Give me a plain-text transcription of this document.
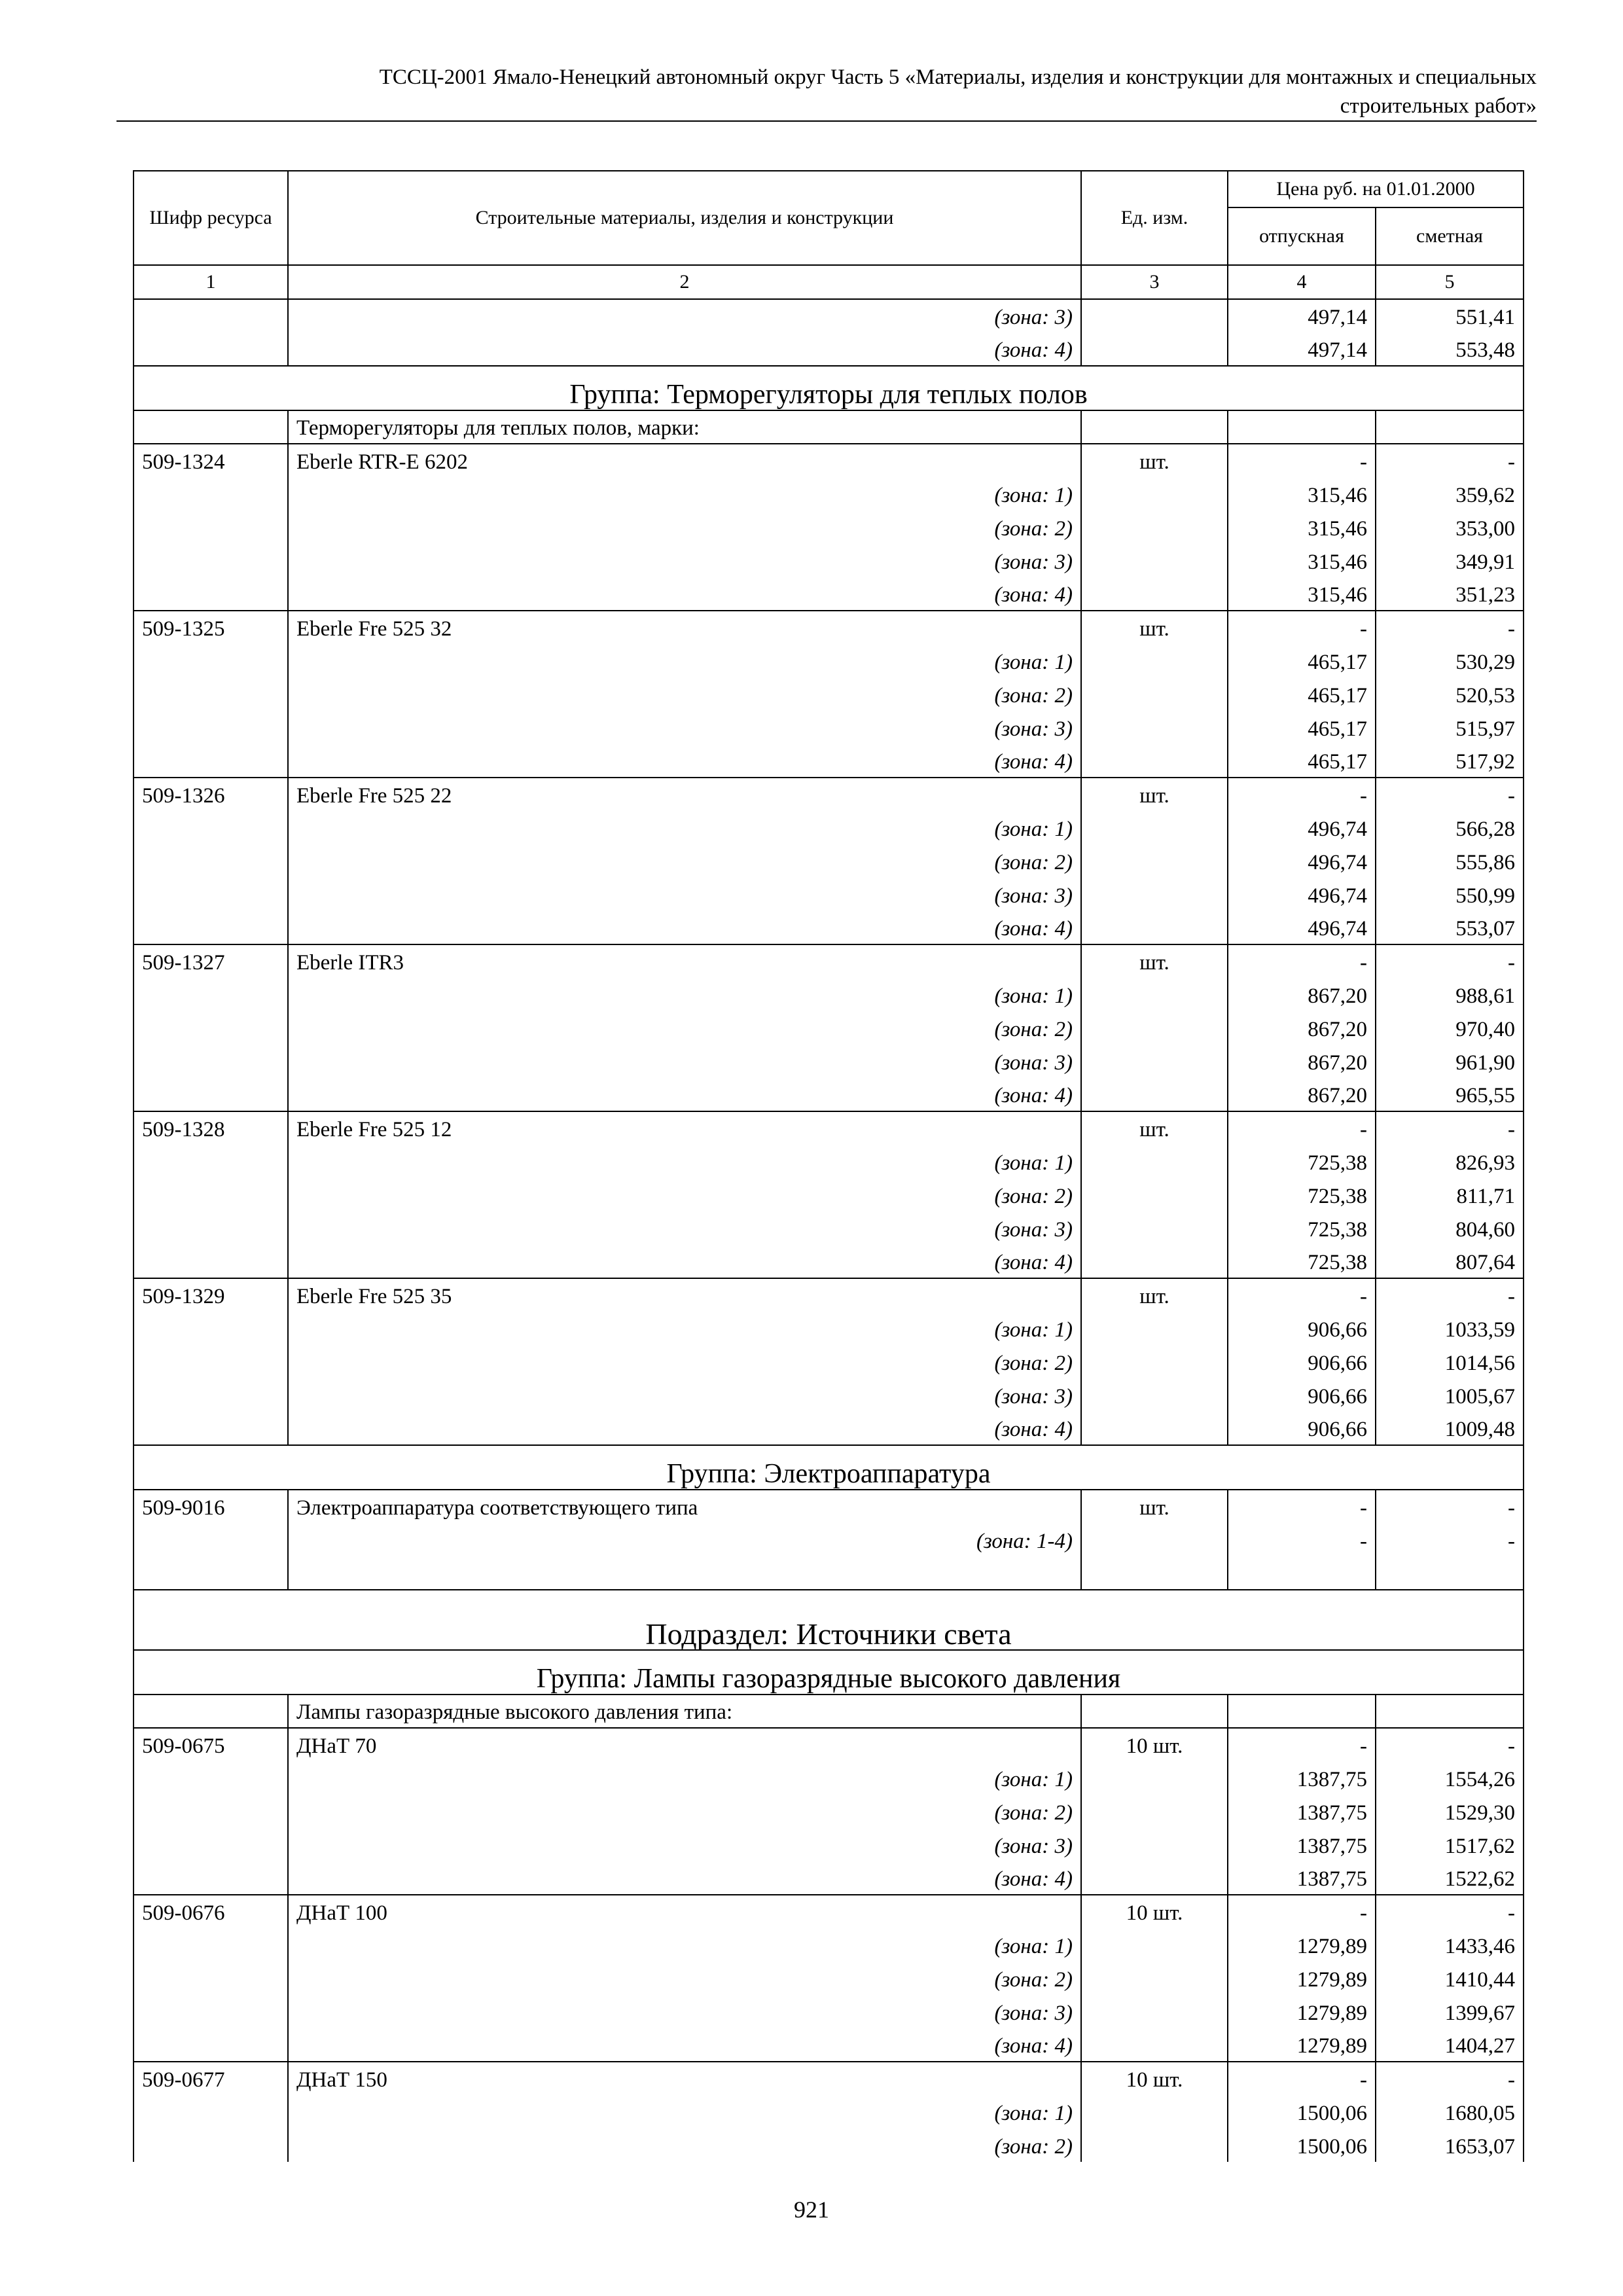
ТССЦ-2001 Ямало-Ненецкий автономный округ Часть 5 «Материалы, изделия и конструкции для монтажных и специальных
строительных работ»
Шифр ресурса	Строительные материалы, изделия и конструкции	Ед. изм.	Цена руб. на 01.01.2000	
			отпускная	сметная
1	2	3	4	5
	(зона: 3)		497,14	551,41
	(зона: 4)		497,14	553,48
Группа: Терморегуляторы для теплых полов				
	Терморегуляторы для теплых полов, марки:			
509-1324	Eberle RTR-E 6202	шт.	-	-
	(зона: 1)		315,46	359,62
	(зона: 2)		315,46	353,00
	(зона: 3)		315,46	349,91
	(зона: 4)		315,46	351,23
509-1325	Eberle Fre 525 32	шт.	-	-
	(зона: 1)		465,17	530,29
	(зона: 2)		465,17	520,53
	(зона: 3)		465,17	515,97
	(зона: 4)		465,17	517,92
509-1326	Eberle Fre 525 22	шт.	-	-
	(зона: 1)		496,74	566,28
	(зона: 2)		496,74	555,86
	(зона: 3)		496,74	550,99
	(зона: 4)		496,74	553,07
509-1327	Eberle ITR3	шт.	-	-
	(зона: 1)		867,20	988,61
	(зона: 2)		867,20	970,40
	(зона: 3)		867,20	961,90
	(зона: 4)		867,20	965,55
509-1328	Eberle Fre 525 12	шт.	-	-
	(зона: 1)		725,38	826,93
	(зона: 2)		725,38	811,71
	(зона: 3)		725,38	804,60
	(зона: 4)		725,38	807,64
509-1329	Eberle Fre 525 35	шт.	-	-
	(зона: 1)		906,66	1033,59
	(зона: 2)		906,66	1014,56
	(зона: 3)		906,66	1005,67
	(зона: 4)		906,66	1009,48
Группа: Электроаппаратура				
509-9016	Электроаппаратура соответствующего типа	шт.	-	-
	(зона: 1-4)		-	-

Подраздел: Источники света				
Группа: Лампы газоразрядные высокого давления				
	Лампы газоразрядные высокого давления типа:			
509-0675	ДНаТ 70	10 шт.	-	-
	(зона: 1)		1387,75	1554,26
	(зона: 2)		1387,75	1529,30
	(зона: 3)		1387,75	1517,62
	(зона: 4)		1387,75	1522,62
509-0676	ДНаТ 100	10 шт.	-	-
	(зона: 1)		1279,89	1433,46
	(зона: 2)		1279,89	1410,44
	(зона: 3)		1279,89	1399,67
	(зона: 4)		1279,89	1404,27
509-0677	ДНаТ 150	10 шт.	-	-
	(зона: 1)		1500,06	1680,05
	(зона: 2)		1500,06	1653,07
921
